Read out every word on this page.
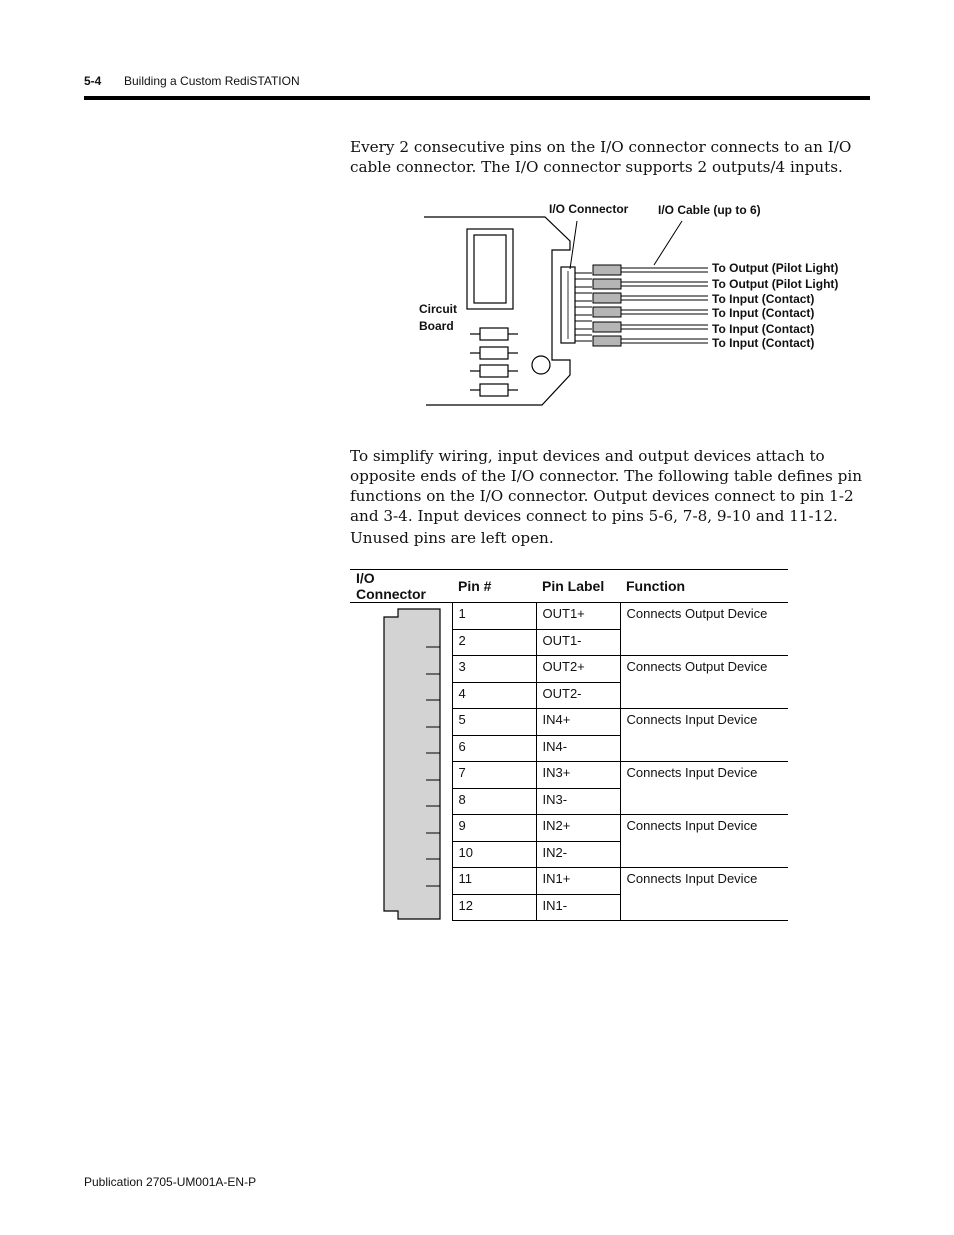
5-4 Building a Custom RediSTATION

Every 2 consecutive pins on the I/O connector connects to an I/O cable connector. The I/O connector supports 2 outputs/4 inputs.

I/O Connector I/O Cable (up to 6)
Circuit
Board
To Output (Pilot Light)
To Output (Pilot Light)
To Input (Contact)
To Input (Contact)
To Input (Contact)
To Input (Contact)

To simplify wiring, input devices and output devices attach to opposite ends of the I/O connector. The following table defines pin functions on the I/O connector. Output devices connect to pin 1-2 and 3-4. Input devices connect to pins 5-6, 7-8, 9-10 and 11-12.

Unused pins are left open.

I/O Connector	Pin #	Pin Label	Function

	1	OUT1+	Connects Output Device
	2	OUT1-	
	3	OUT2+	Connects Output Device
	4	OUT2-	
	5	IN4+	Connects Input Device
	6	IN4-	
	7	IN3+	Connects Input Device
	8	IN3-	
	9	IN2+	Connects Input Device
	10	IN2-	
	11	IN1+	Connects Input Device
	12	IN1-	
Publication 2705-UM001A-EN-P
